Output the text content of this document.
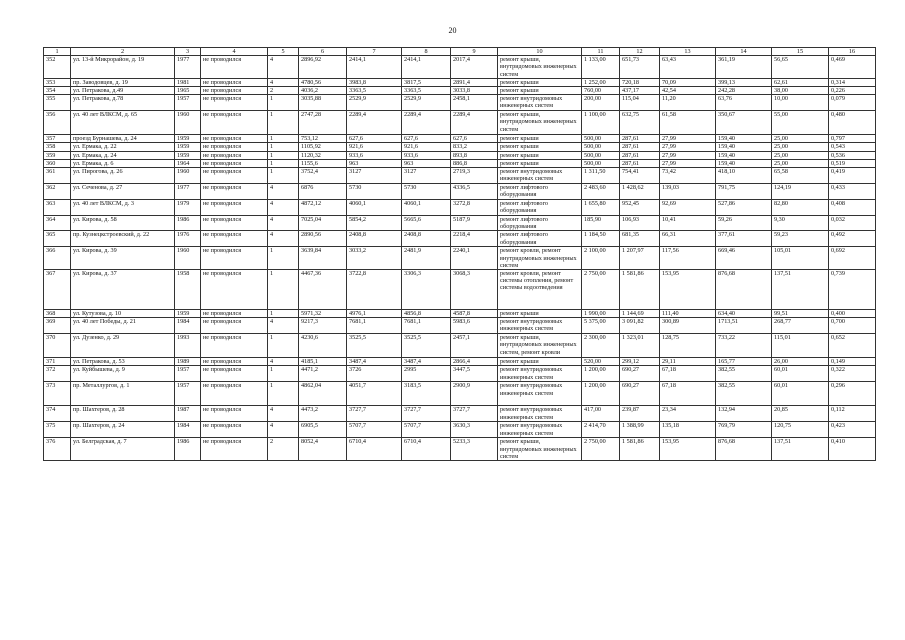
20
1	2	3	4	5	6	7	8	9	10	11	12	13	14	15	16
352	ул. 13-й Микрорайон, д. 19	1977	не проводился	4	2896,92	2414,1	2414,1	2017,4	ремонт крыши, внутридомовых инженерных систем	1 133,00	651,73	63,43	361,19	56,65	0,469
353	пр. Заводовцев, д. 19	1981	не проводился	4	4780,56	3983,8	3817,5	2891,4	ремонт крыши	1 252,00	720,18	70,09	399,13	62,61	0,314
354	ул. Петракова, д.49	1965	не проводился	2	4036,2	3363,5	3363,5	3033,8	ремонт крыши	760,00	437,17	42,54	242,28	38,00	0,226
355	ул. Петракова, д.78	1957	не проводился	1	3035,88	2529,9	2529,9	2458,1	ремонт внутридомовых инженерных систем	200,00	115,04	11,20	63,76	10,00	0,079
356	ул. 40 лет ВЛКСМ, д. 65	1960	не проводился	1	2747,28	2289,4	2289,4	2289,4	ремонт крыши, внутридомовых инженерных систем	1 100,00	632,75	61,58	350,67	55,00	0,480
357	проезд Бурнашева, д. 24	1959	не проводился	1	753,12	627,6	627,6	627,6	ремонт крыши	500,00	287,61	27,99	159,40	25,00	0,797
358	ул. Ермака, д. 22	1959	не проводился	1	1105,92	921,6	921,6	833,2	ремонт крыши	500,00	287,61	27,99	159,40	25,00	0,543
359	ул. Ермака, д. 24	1959	не проводился	1	1120,32	933,6	933,6	893,8	ремонт крыши	500,00	287,61	27,99	159,40	25,00	0,536
360	ул. Ермака, д. 6	1964	не проводился	1	1155,6	963	963	886,8	ремонт крыши	500,00	287,61	27,99	159,40	25,00	0,519
361	ул. Пирогова, д. 26	1960	не проводился	1	3752,4	3127	3127	2719,3	ремонт внутридомовых инженерных систем	1 311,50	754,41	73,42	418,10	65,58	0,419
362	ул. Сеченова, д. 27	1977	не проводился	4	6876	5730	5730	4336,5	ремонт лифтового оборудования	2 483,60	1 428,62	139,03	791,75	124,19	0,433
363	ул. 40 лет ВЛКСМ, д. 3	1979	не проводился	4	4872,12	4060,1	4060,1	3272,8	ремонт лифтового оборудования	1 655,80	952,45	92,69	527,86	82,80	0,408
364	ул. Кирова, д. 58	1986	не проводился	4	7025,04	5854,2	5665,6	5187,9	ремонт лифтового оборудования	185,90	106,93	10,41	59,26	9,30	0,032
365	пр. Кузнецкстроевский, д. 22	1976	не проводился	4	2890,56	2408,8	2408,8	2218,4	ремонт лифтового оборудования	1 184,50	681,35	66,31	377,61	59,23	0,492
366	ул. Кирова, д. 39	1960	не проводился	1	3639,84	3033,2	2481,9	2240,1	ремонт кровли, ремонт внутридомовых инженерных систем	2 100,00	1 207,97	117,56	669,46	105,01	0,692
367	ул. Кирова, д. 37	1958	не проводился	1	4467,36	3722,8	3306,3	3068,3	ремонт кровли, ремонт системы отопления, ремонт системы водоотведения	2 750,00	1 581,86	153,95	876,68	137,51	0,739
368	ул. Кутузова, д. 10	1959	не проводился	1	5971,32	4976,1	4856,8	4587,8	ремонт крыши	1 990,00	1 144,69	111,40	634,40	99,51	0,400
369	ул. 40 лет Победы, д. 21	1984	не проводился	4	9217,3	7681,1	7681,1	5983,6	ремонт внутридомовых инженерных систем	5 375,00	3 091,82	300,89	1713,51	268,77	0,700
370	ул. Дузенко, д. 29	1993	не проводился	1	4230,6	3525,5	3525,5	2457,1	ремонт крыши, внутридомовых инженерных систем, ремонт кровли	2 300,00	1 323,01	128,75	733,22	115,01	0,652
371	ул. Петракова, д. 53	1989	не проводился	4	4185,1	3487,4	3487,4	2866,4	ремонт крыши	520,00	299,12	29,11	165,77	26,00	0,149
372	ул. Куйбышева, д. 9	1957	не проводился	1	4471,2	3726	2995	3447,5	ремонт внутридомовых инженерных систем	1 200,00	690,27	67,18	382,55	60,01	0,322
373	пр. Металлургов, д. 1	1957	не проводился	1	4862,04	4051,7	3183,5	2900,9	ремонт внутридомовых инженерных систем	1 200,00	690,27	67,18	382,55	60,01	0,296
374	пр. Шахтеров, д. 28	1987	не проводился	4	4473,2	3727,7	3727,7	3727,7	ремонт внутридомовых инженерных систем	417,00	239,87	23,34	132,94	20,85	0,112
375	пр. Шахтеров, д. 24	1984	не проводился	4	6905,5	5707,7	5707,7	3630,3	ремонт внутридомовых инженерных систем	2 414,70	1 388,99	135,18	769,79	120,75	0,423
376	ул. Белградская, д. 7	1986	не проводился	2	8052,4	6710,4	6710,4	5233,3	ремонт крыши, внутридомовых инженерных систем	2 750,00	1 581,86	153,95	876,68	137,51	0,410
